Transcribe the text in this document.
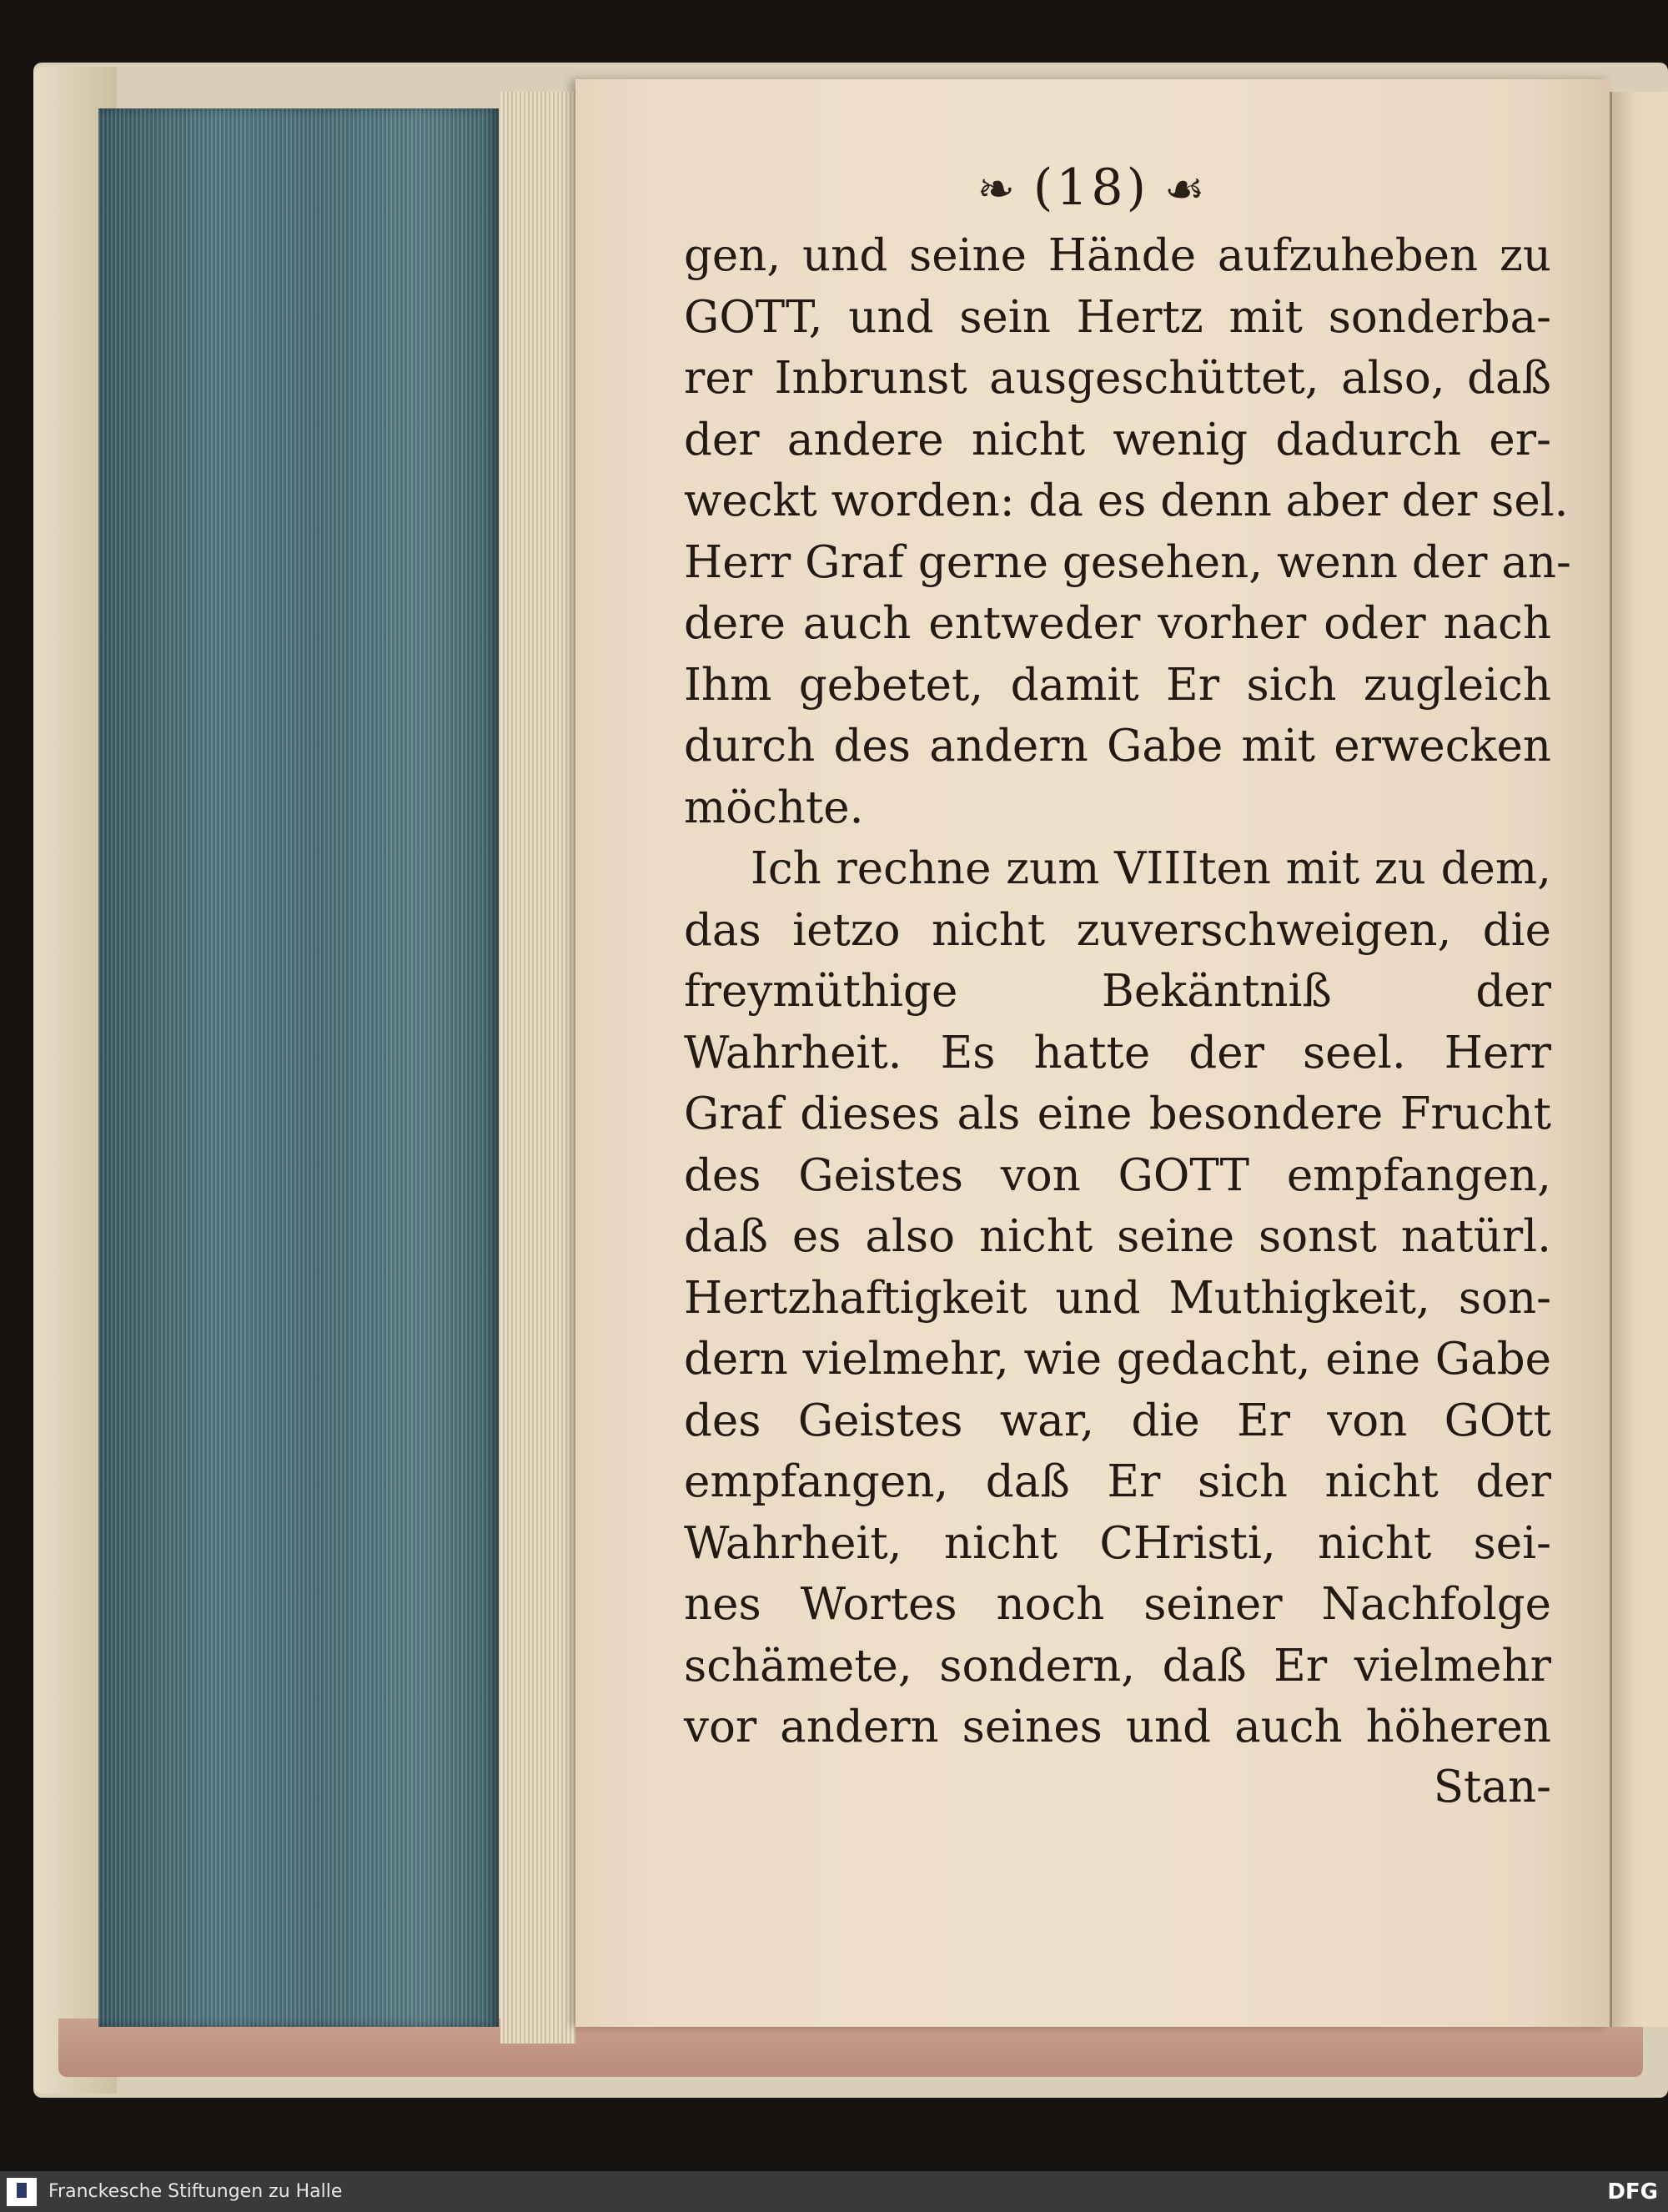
❧ (18) ☙
gen, und seine Hände aufzuheben zu
GOTT, und sein Hertz mit sonderba-
rer Inbrunst ausgeschüttet, also, daß
der andere nicht wenig dadurch er-
weckt worden: da es denn aber der sel.
Herr Graf gerne gesehen, wenn der an-
dere auch entweder vorher oder nach
Ihm gebetet, damit Er sich zugleich
durch des andern Gabe mit erwecken
möchte.
Ich rechne zum VIIIten mit zu dem,
das ietzo nicht zuverschweigen, die
freymüthige Bekäntniß der
Wahrheit. Es hatte der seel. Herr
Graf dieses als eine besondere Frucht
des Geistes von GOTT empfangen,
daß es also nicht seine sonst natürl.
Hertzhaftigkeit und Muthigkeit, son-
dern vielmehr, wie gedacht, eine Gabe
des Geistes war, die Er von GOtt
empfangen, daß Er sich nicht der
Wahrheit, nicht CHristi, nicht sei-
nes Wortes noch seiner Nachfolge
schämete, sondern, daß Er vielmehr
vor andern seines und auch höheren
Stan-
Franckesche Stiftungen zu Halle	DFG
